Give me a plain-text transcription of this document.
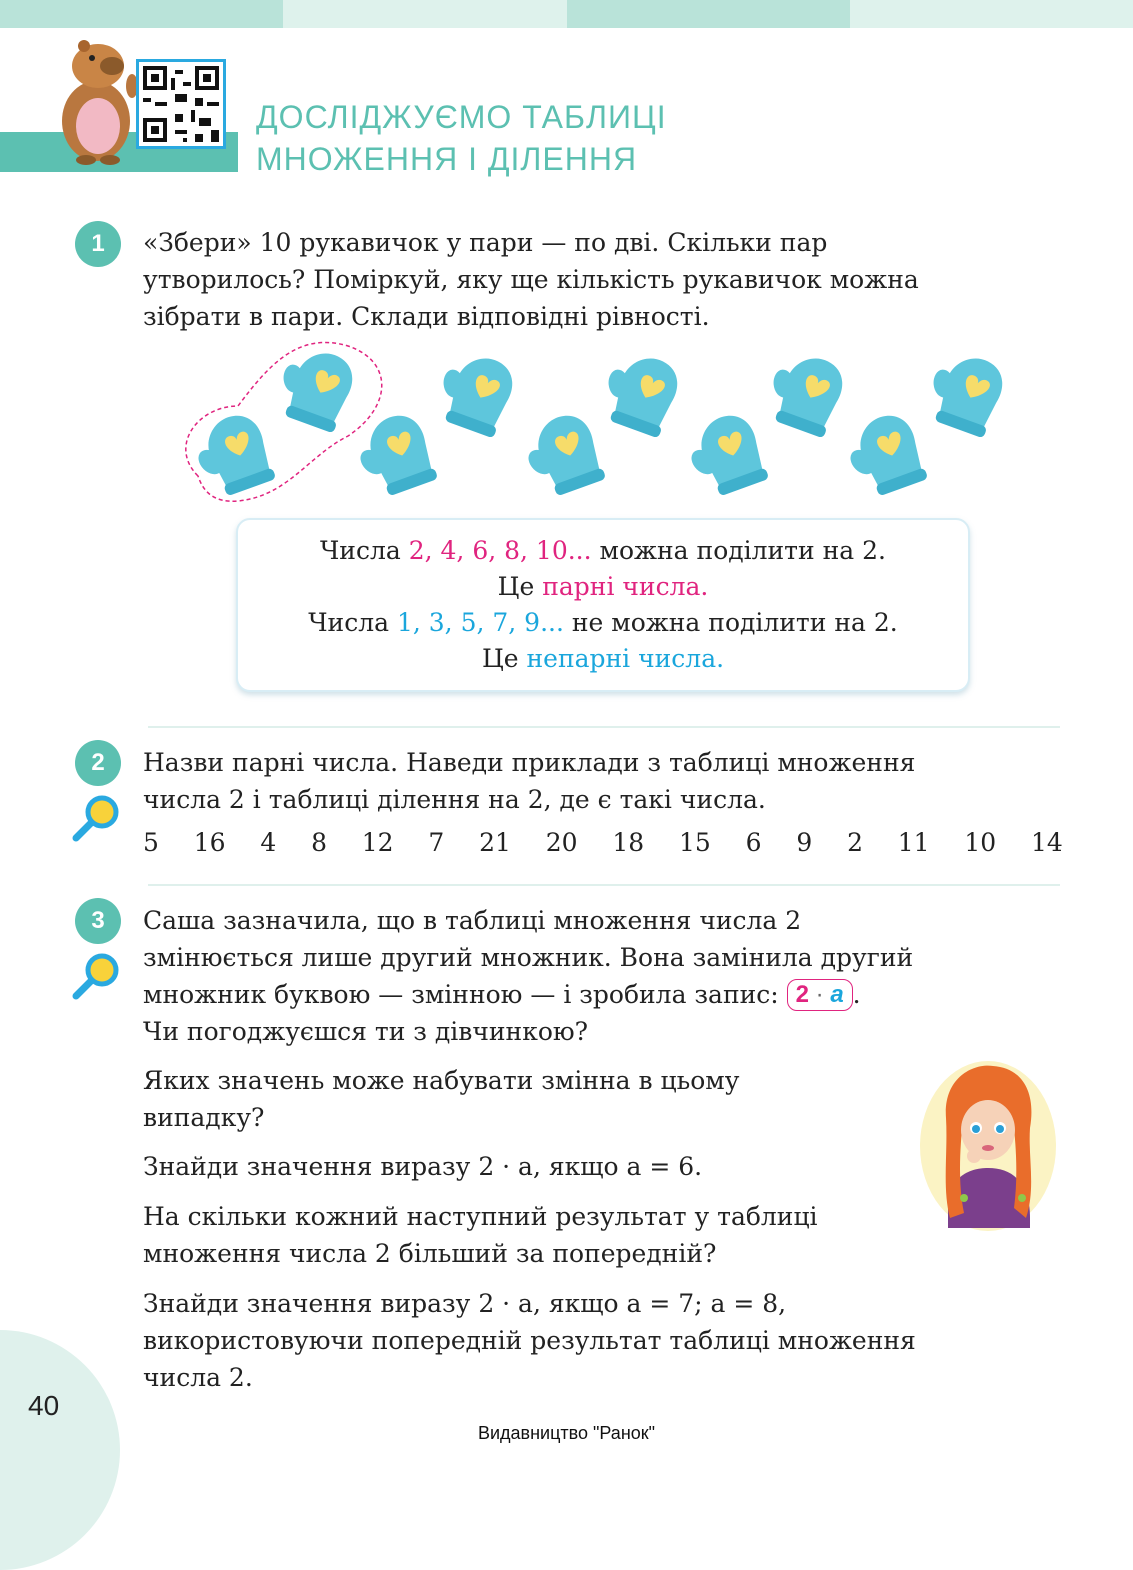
ДОСЛІДЖУЄМО ТАБЛИЦІ
МНОЖЕННЯ І ДІЛЕННЯ
1	«Збери» 10 рукавичок у пари — по дві. Скільки пар
утворилось? Поміркуй, яку ще кількість рукавичок можна
зібрати в пари. Склади відповідні рівності.
Числа 2, 4, 6, 8, 10... можна поділити на 2.
Це парні числа.
Числа 1, 3, 5, 7, 9... не можна поділити на 2.
Це непарні числа.
2	Назви парні числа. Наведи приклади з таблиці множення
числа 2 і таблиці ділення на 2, де є такі числа.
5 16 4 8 12 7 21 20 18 15 6 9 2 11 10 14
3	Саша зазначила, що в таблиці множення числа 2
змінюється лише другий множник. Вона замінила другий
множник буквою — змінною — і зробила запис: 2
·
a .
Чи погоджуєшся ти з дівчинкою?
Яких значень може набувати змінна в цьому
випадку?
Знайди значення виразу 2 · a, якщо a = 6.
На скільки кожний наступний результат у таблиці
множення числа 2 більший за попередній?
Знайди значення виразу 2 · a, якщо a = 7; a = 8,
використовуючи попередній результат таблиці множення
числа 2.
40
Видавництво "Ранок"
